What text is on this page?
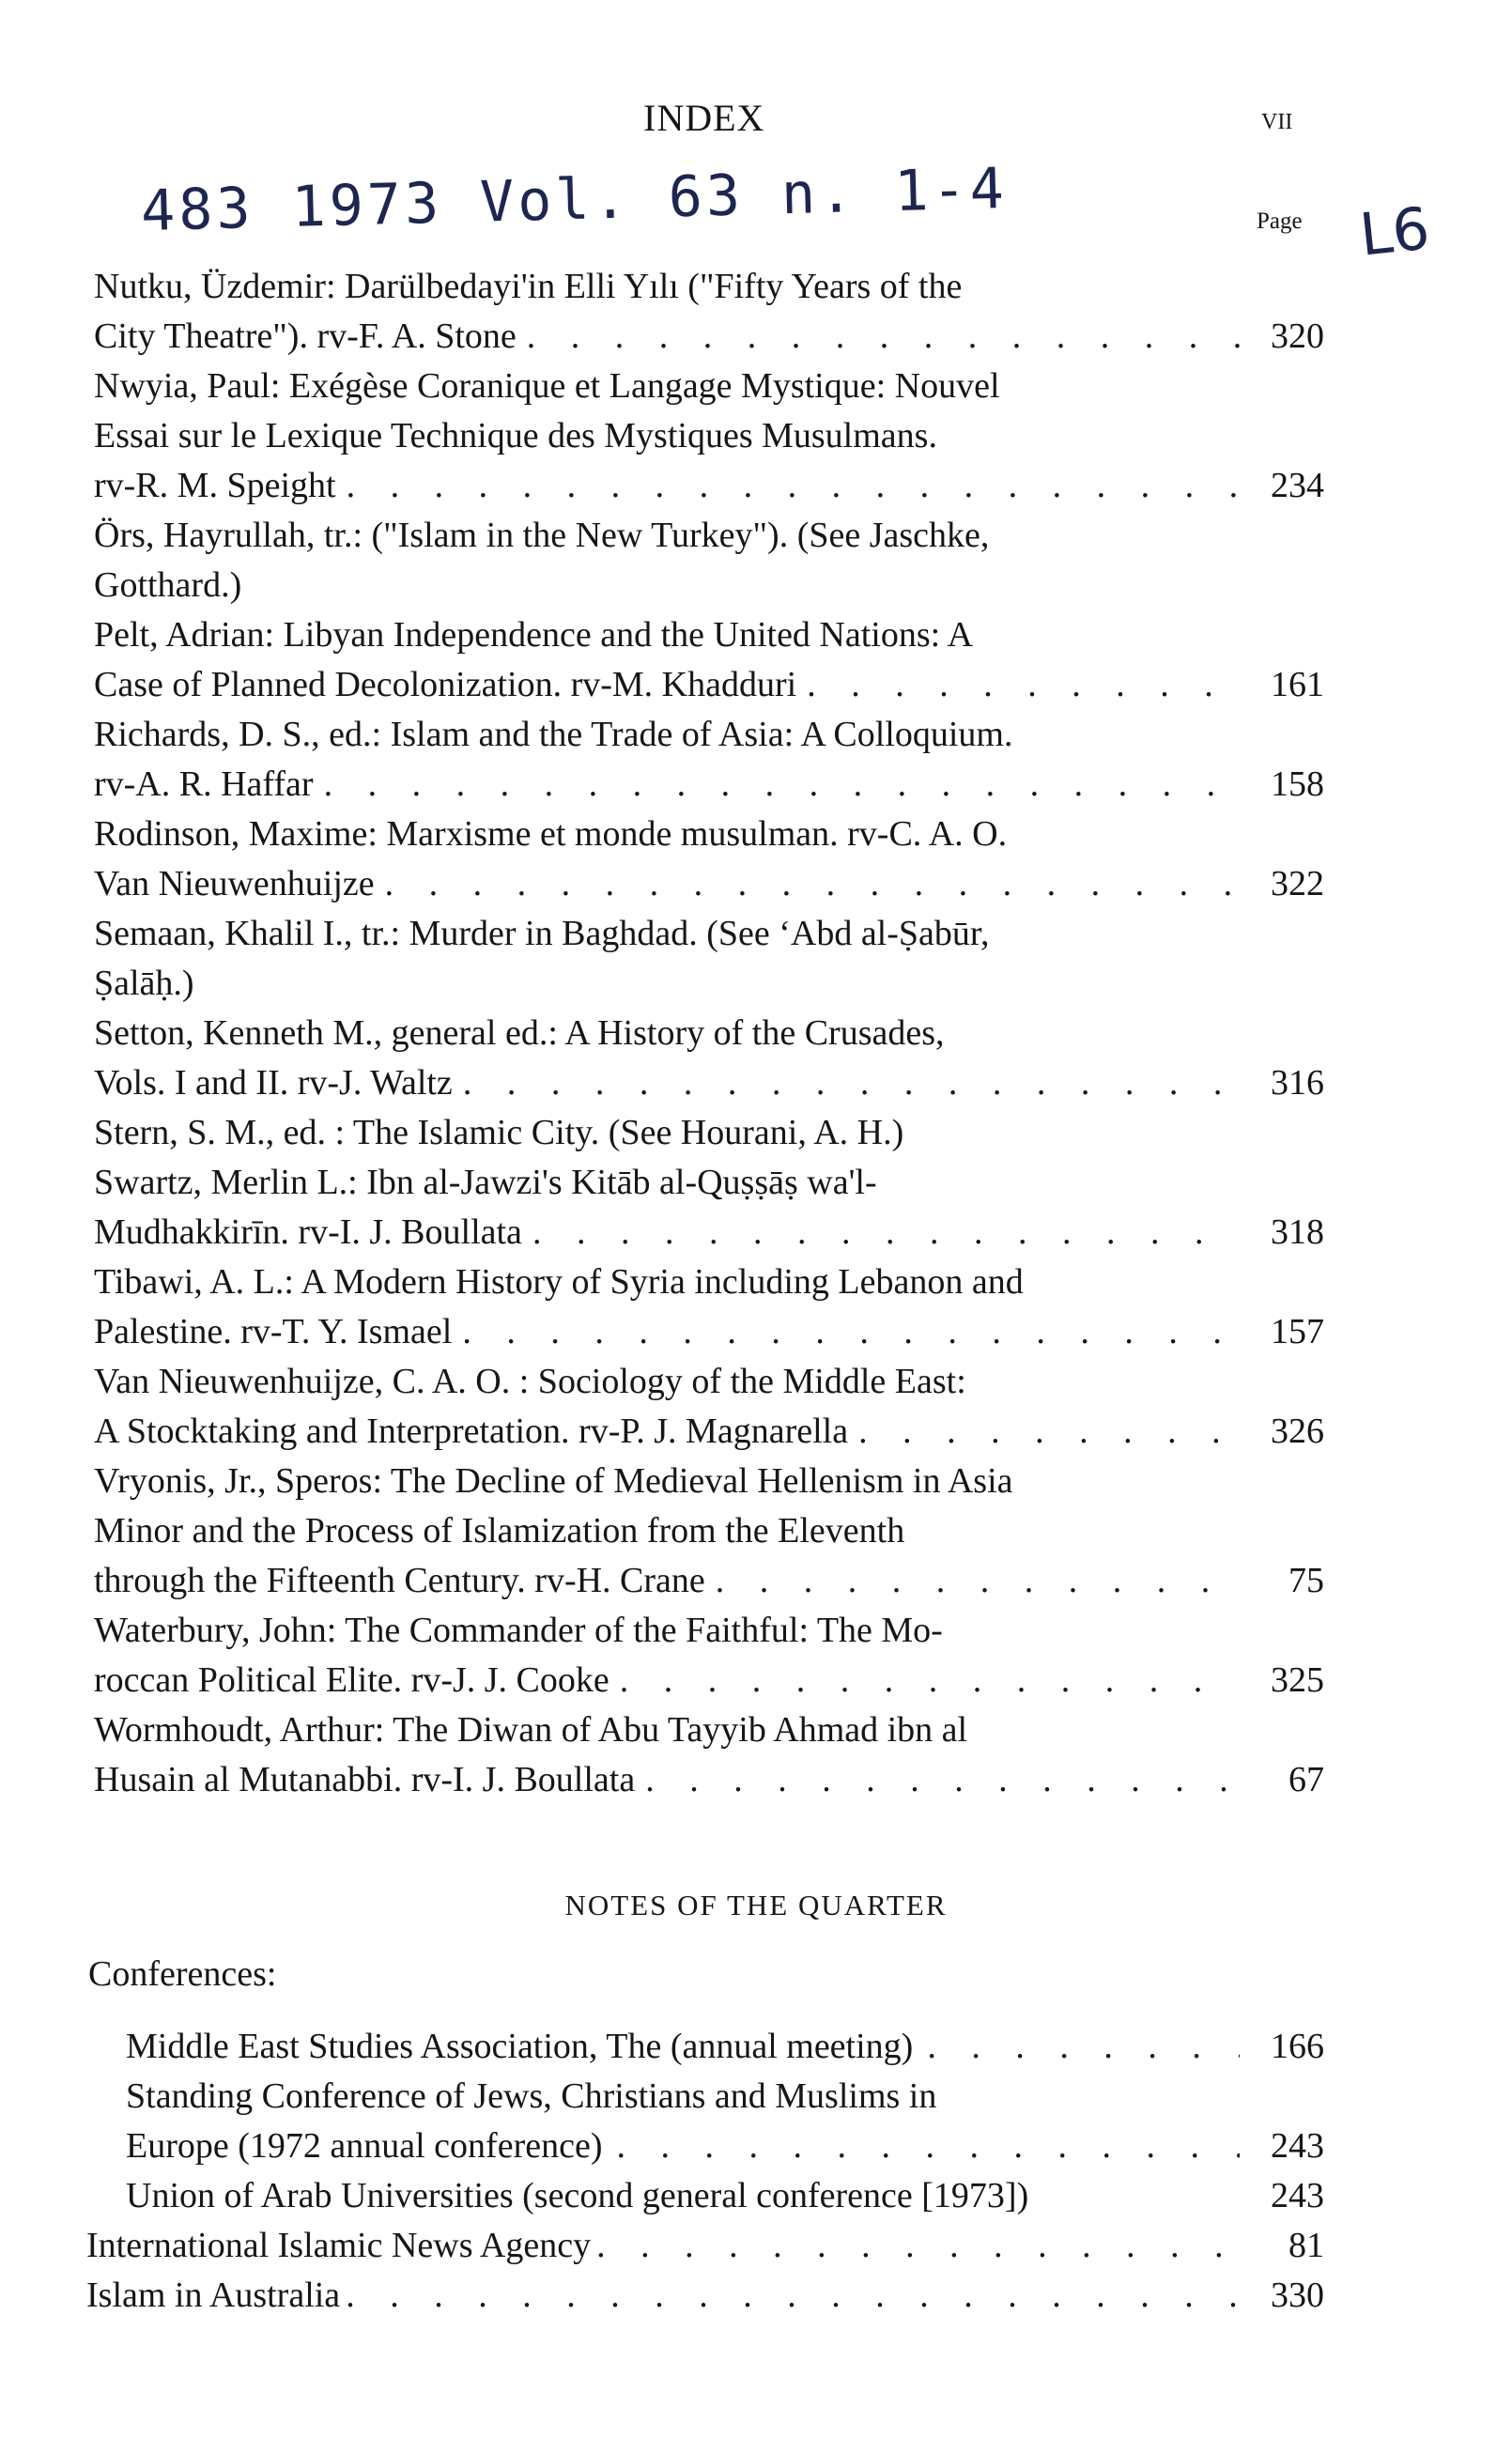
INDEX	vii
483 1973 Vol. 63 n. 1-4	L6
Page
Nutku, Üzdemir: Darülbedayi'in Elli Yılı ("Fifty Years of the
City Theatre"). rv-F. A. Stone . . .	320
Nwyia, Paul: Exégèse Coranique et Langage Mystique: Nouvel
Essai sur le Lexique Technique des Mystiques Musulmans.
rv-R. M. Speight . . .	234
Örs, Hayrullah, tr.: ("Islam in the New Turkey"). (See Jaschke,
Gotthard.)
Pelt, Adrian: Libyan Independence and the United Nations: A
Case of Planned Decolonization. rv-M. Khadduri . . .	161
Richards, D. S., ed.: Islam and the Trade of Asia: A Colloquium.
rv-A. R. Haffar . . .	158
Rodinson, Maxime: Marxisme et monde musulman. rv-C. A. O.
Van Nieuwenhuijze . . .	322
Semaan, Khalil I., tr.: Murder in Baghdad. (See ‘Abd al-Ṣabūr,
Ṣalāḥ.)
Setton, Kenneth M., general ed.: A History of the Crusades,
Vols. I and II. rv-J. Waltz . . .	316
Stern, S. M., ed. : The Islamic City. (See Hourani, A. H.)
Swartz, Merlin L.: Ibn al-Jawzi's Kitāb al-Quṣṣāṣ wa'l-
Mudhakkirīn. rv-I. J. Boullata . . .	318
Tibawi, A. L.: A Modern History of Syria including Lebanon and
Palestine. rv-T. Y. Ismael . . .	157
Van Nieuwenhuijze, C. A. O. : Sociology of the Middle East:
A Stocktaking and Interpretation. rv-P. J. Magnarella . . .	326
Vryonis, Jr., Speros: The Decline of Medieval Hellenism in Asia
Minor and the Process of Islamization from the Eleventh
through the Fifteenth Century. rv-H. Crane . . .	75
Waterbury, John: The Commander of the Faithful: The Mo-
roccan Political Elite. rv-J. J. Cooke . . .	325
Wormhoudt, Arthur: The Diwan of Abu Tayyib Ahmad ibn al
Husain al Mutanabbi. rv-I. J. Boullata . . .	67
NOTES OF THE QUARTER
Conferences:
Middle East Studies Association, The (annual meeting) . . .	166
Standing Conference of Jews, Christians and Muslims in
Europe (1972 annual conference) . . .	243
Union of Arab Universities (second general conference [1973])	243
International Islamic News Agency . . .	81
Islam in Australia . . .	330
